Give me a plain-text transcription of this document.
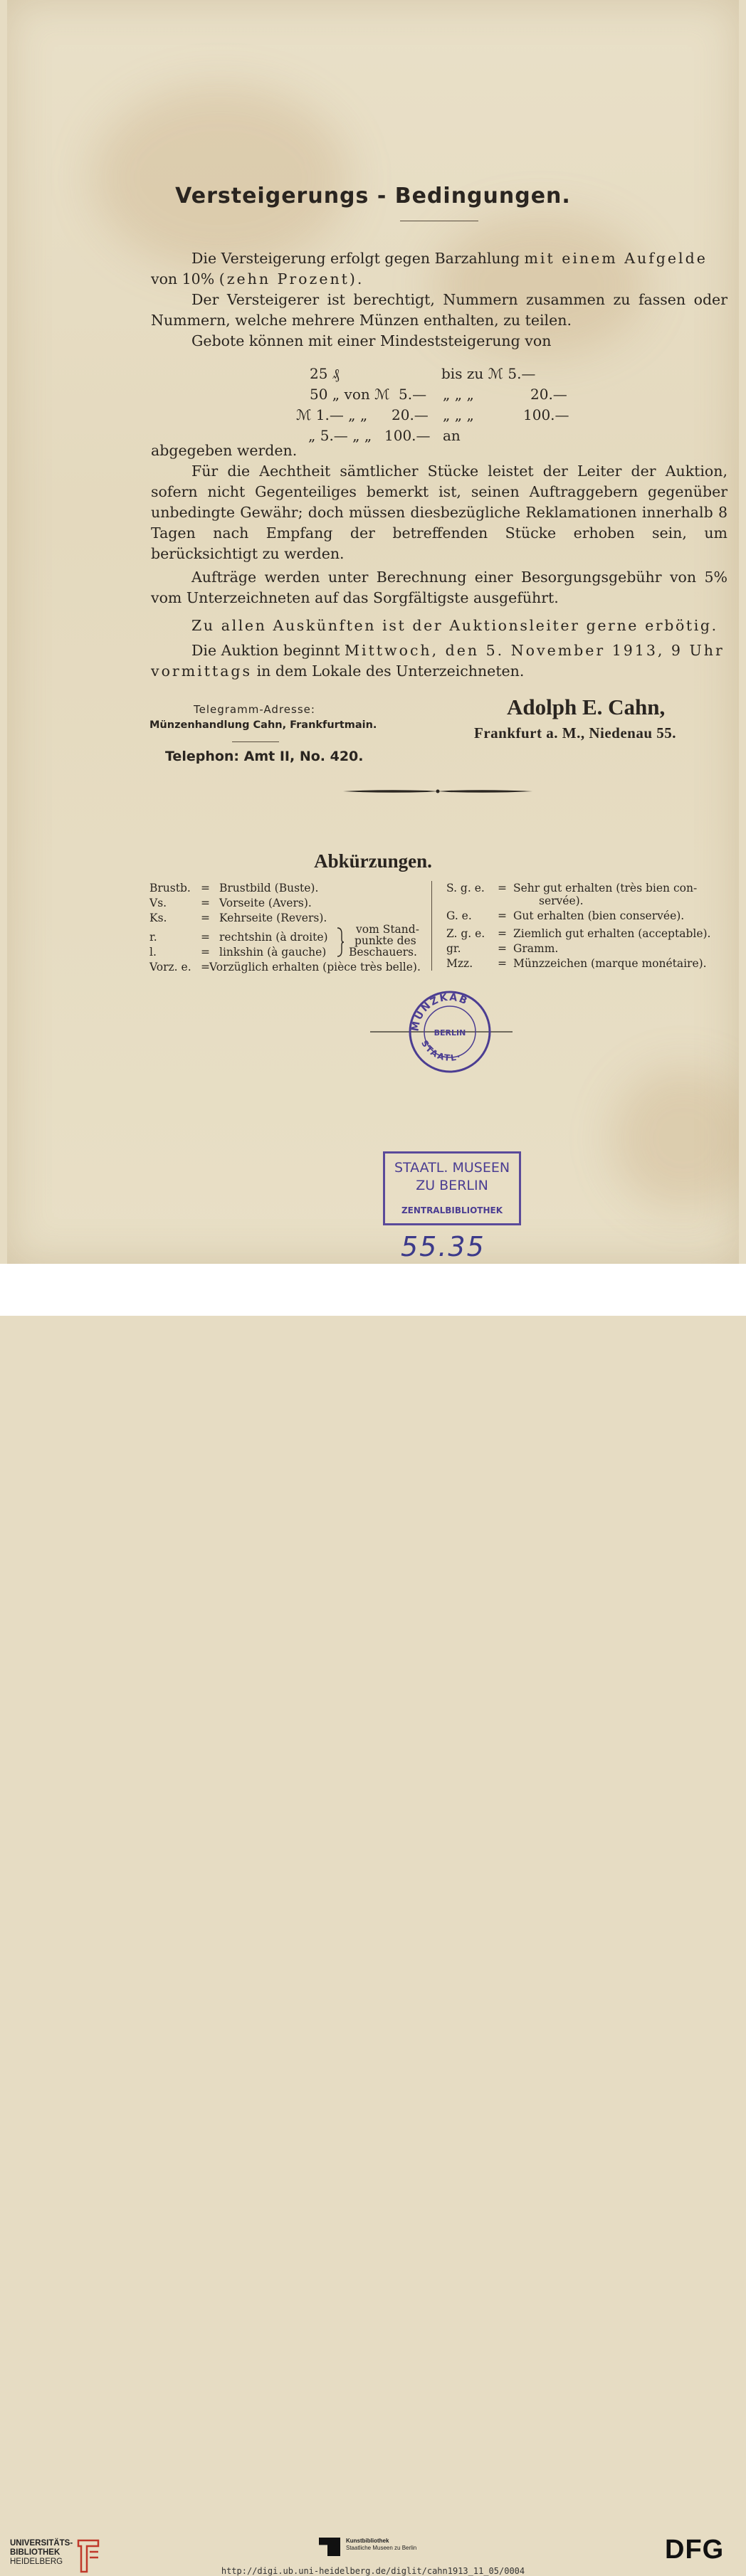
Versteigerungs - Bedingungen.

Die Versteigerung erfolgt gegen Barzahlung mit einem Aufgelde

von 10% (zehn Prozent).

Der Versteigerer ist berechtigt, Nummern zusammen zu fassen oder Nummern, welche mehrere Münzen enthalten, zu teilen.

Gebote können mit einer Mindeststeigerung von

25 ₰	bis zu ℳ 5.—
50 „ von ℳ 5.— „ „ „	20.—
ℳ 1.— „ „ 20.— „ „ „	100.—
„ 5.— „ „ 100.— an

abgegeben werden.

Für die Aechtheit sämtlicher Stücke leistet der Leiter der Auktion, sofern nicht Gegenteiliges bemerkt ist, seinen Auftraggebern gegenüber unbedingte Gewähr; doch müssen diesbezügliche Reklamationen innerhalb 8 Tagen nach Empfang der betreffenden Stücke erhoben sein, um berücksichtigt zu werden.

Aufträge werden unter Berechnung einer Besorgungsgebühr von 5% vom Unterzeichneten auf das Sorgfältigste ausgeführt.

Zu allen Auskünften ist der Auktionsleiter gerne erbötig.

Die Auktion beginnt Mittwoch, den 5. November 1913, 9 Uhr

vormittags in dem Lokale des Unterzeichneten.

Telegramm-Adresse:
Münzenhandlung Cahn, Frankfurtmain.
Telephon: Amt II, No. 420.
Adolph E. Cahn,
Frankfurt a. M., Niedenau 55.
Abkürzungen.
Brustb. = Brustbild (Buste).
Vs.	= Vorseite (Avers).
Ks.	= Kehrseite (Revers).
r.	= rechtshin (à droite)
l.	= linkshin (à gauche)
Vorz. e. = Vorzüglich erhalten (pièce très belle).
vom Stand-
punkte des
Beschauers.
S. g. e. = Sehr gut erhalten (très bien con-
servée).
G. e. = Gut erhalten (bien conservée).
Z. g. e. = Ziemlich gut erhalten (acceptable).
gr.	= Gramm.
Mzz. = Münzzeichen (marque monétaire).
MÜNZKAB
STAATL·
BERLIN
STAATL. MUSEEN
ZU BERLIN
ZENTRALBIBLIOTHEK
55.35
UNIVERSITÄTS-
BIBLIOTHEK
HEIDELBERG
Kunstbibliothek
Staatliche Museen zu Berlin	DFG
http://digi.ub.uni-heidelberg.de/diglit/cahn1913_11_05/0004
